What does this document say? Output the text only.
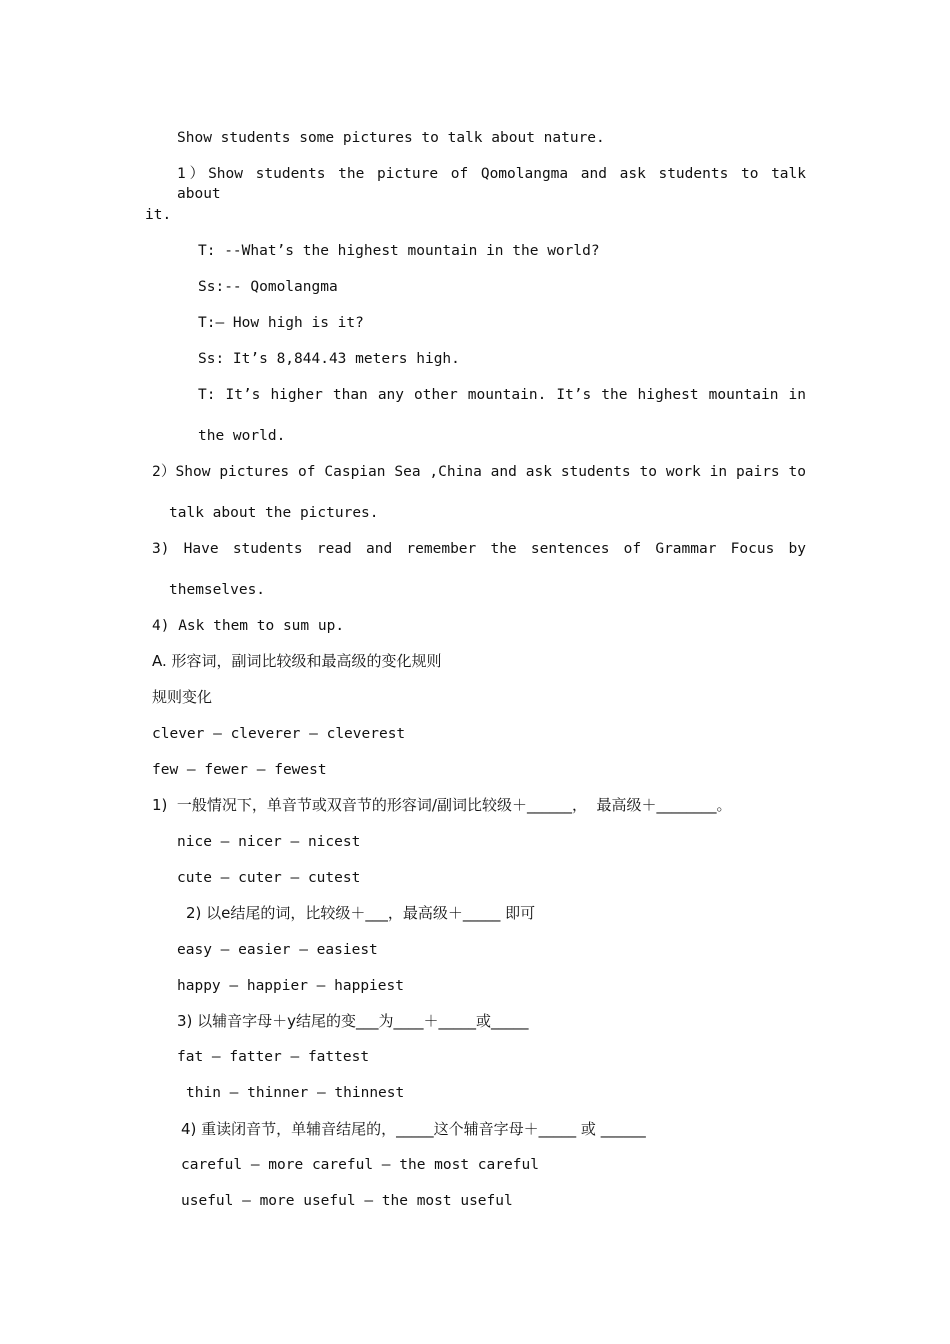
Show students some pictures to talk about nature.
1）Show students the picture of Qomolangma and ask students to talk about
it.
T: --What’s the highest mountain in the world?
Ss:-- Qomolangma
T:— How high is it?
Ss: It’s 8,844.43 meters high.
T: It’s higher than any other mountain. It’s the highest mountain in
the world.
2）Show pictures of Caspian Sea ,China and ask students to work in pairs to
talk about the pictures.
3) Have students read and remember the sentences of Grammar Focus by
themselves.
4) Ask them to sum up.
A. 形容词，副词比较级和最高级的变化规则
规则变化
clever — cleverer — cleverest
few — fewer — fewest
1)  一般情况下，单音节或双音节的形容词/副词比较级＋______，  最高级＋________。
nice — nicer — nicest
cute — cuter — cutest
2) 以e结尾的词，比较级＋___，最高级＋_____ 即可
easy — easier — easiest
happy — happier — happiest
3) 以辅音字母＋y结尾的变___为____＋_____或_____
fat — fatter — fattest
thin — thinner — thinnest
4) 重读闭音节，单辅音结尾的，_____这个辅音字母＋_____ 或 ______
careful — more careful — the most careful
useful — more useful — the most useful
